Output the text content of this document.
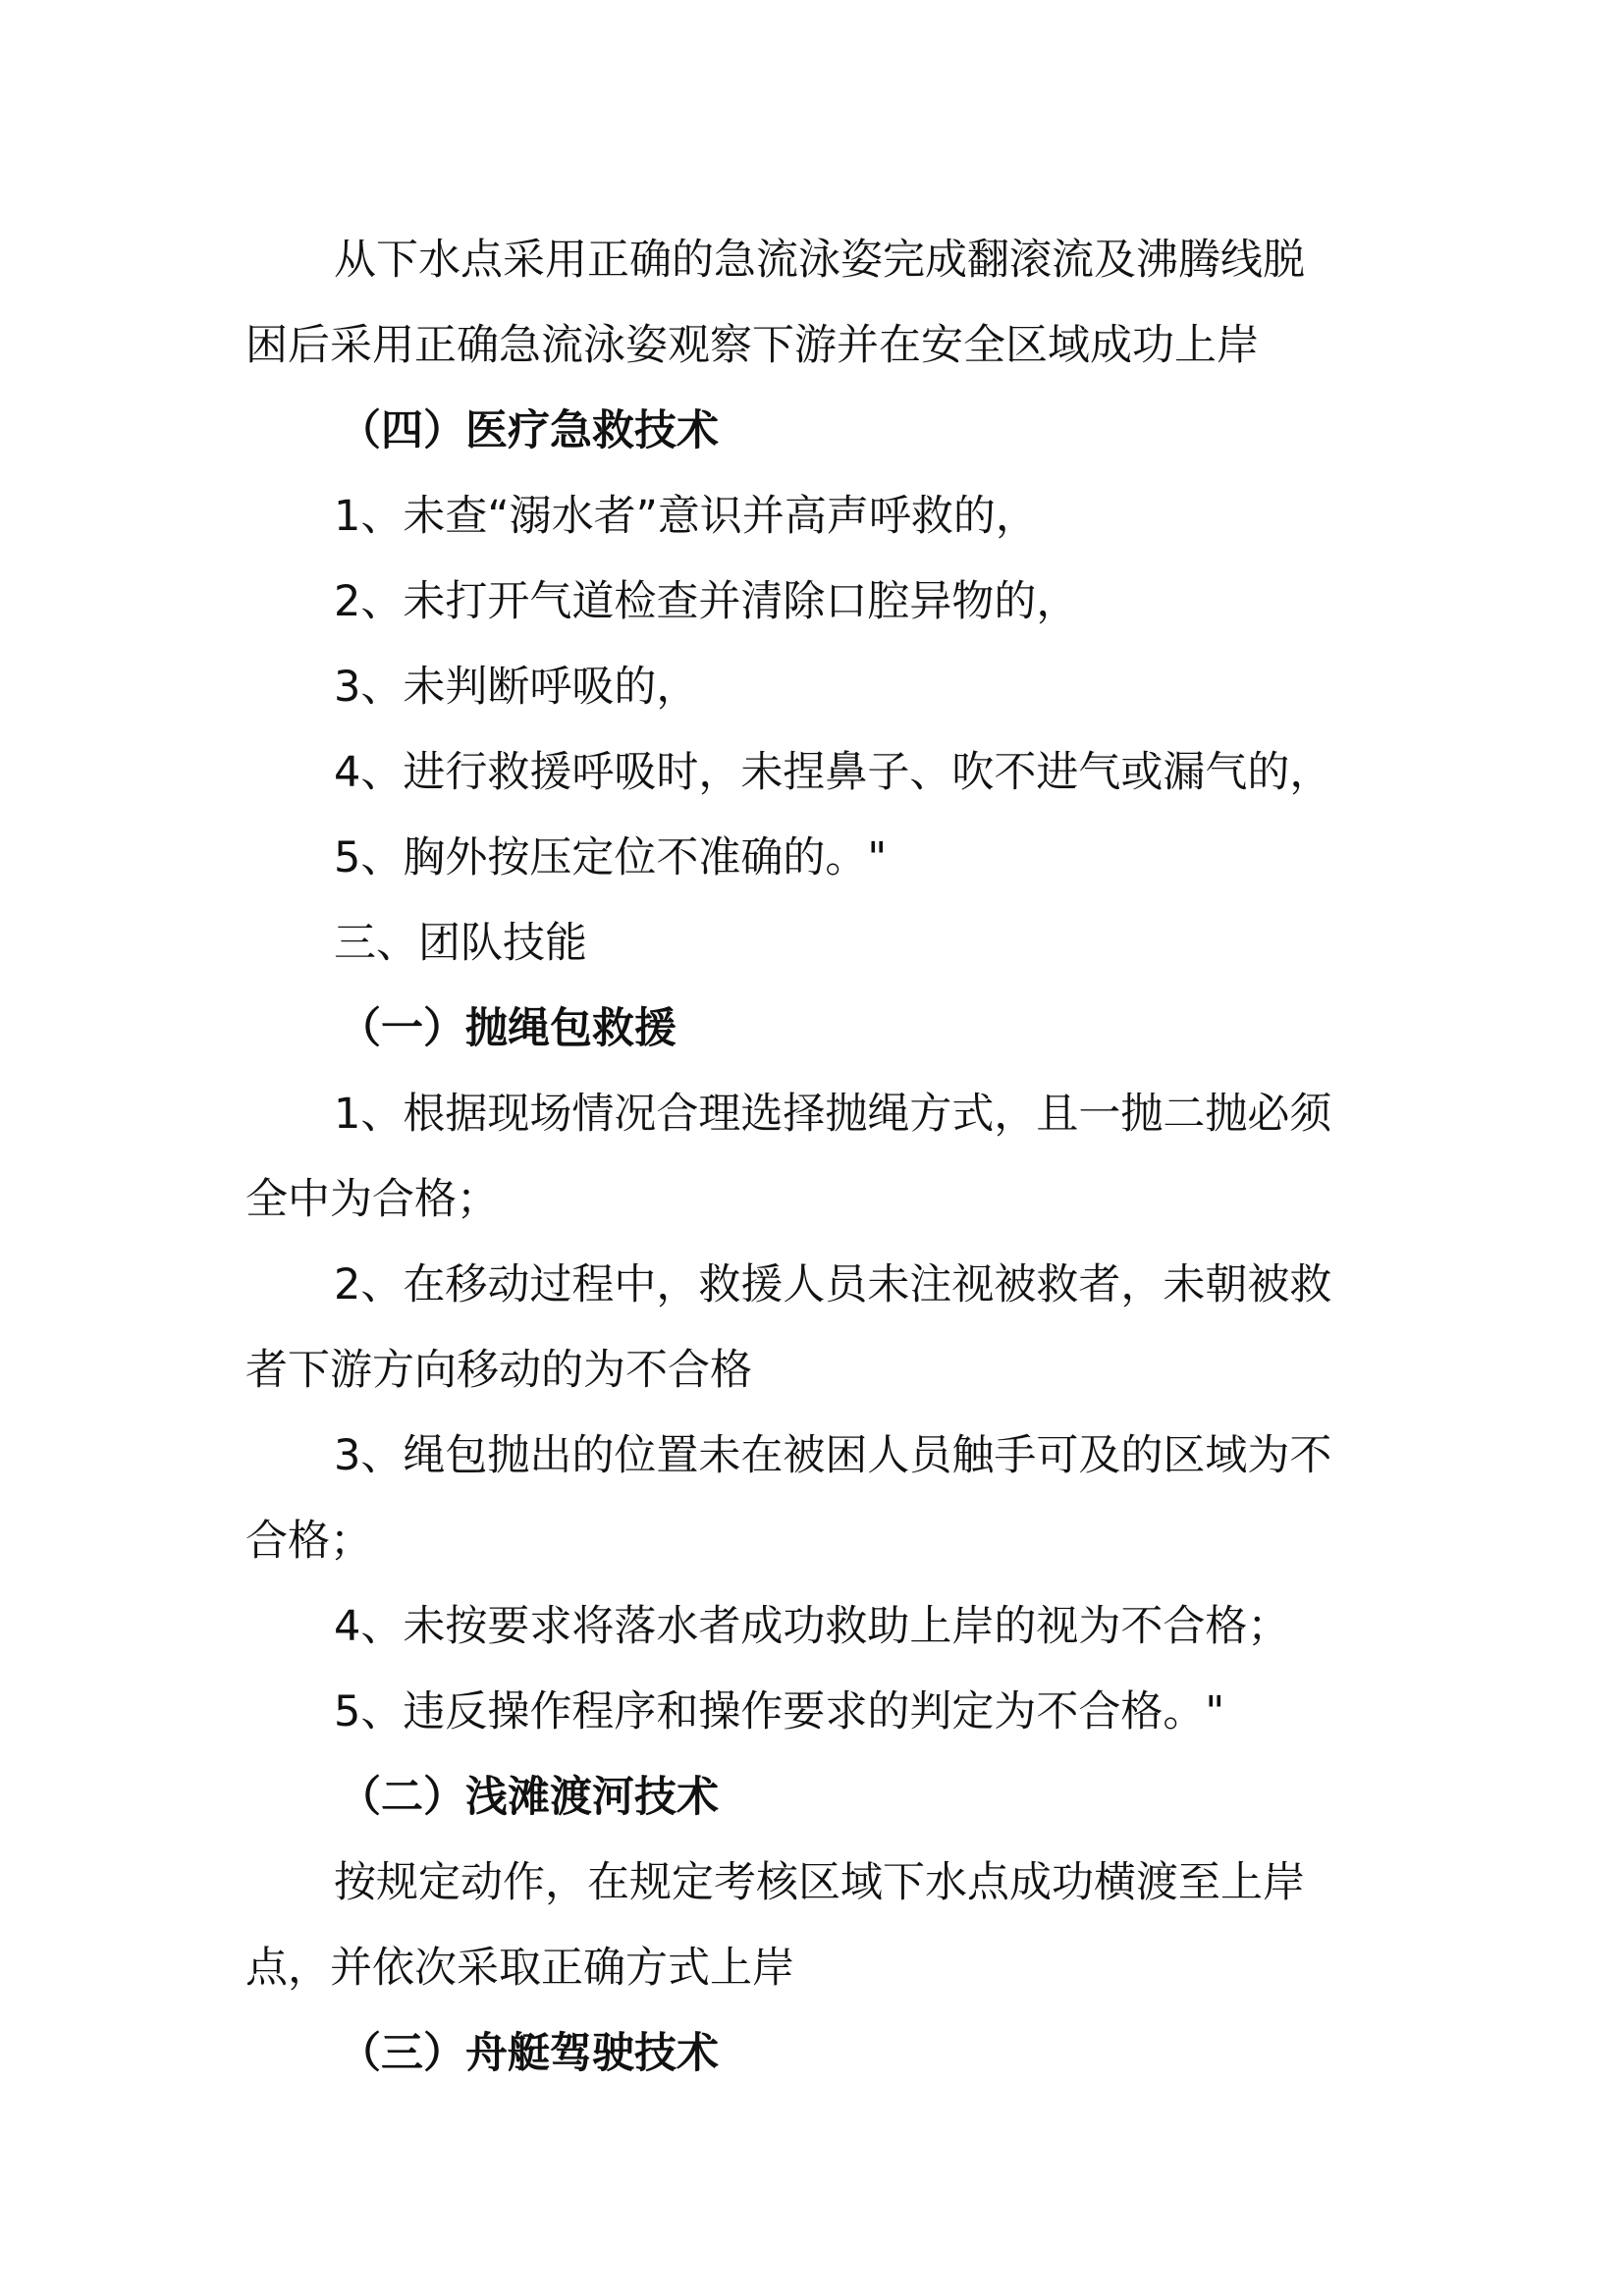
从下水点采用正确的急流泳姿完成翻滚流及沸腾线脱

困后采用正确急流泳姿观察下游并在安全区域成功上岸

（四）医疗急救技术

1、未查“溺水者”意识并高声呼救的，

2、未打开气道检查并清除口腔异物的，

3、未判断呼吸的，

4、进行救援呼吸时，未捏鼻子、吹不进气或漏气的，

5、胸外按压定位不准确的。"

三、团队技能

（一）抛绳包救援

1、根据现场情况合理选择抛绳方式，且一抛二抛必须

全中为合格；

2、在移动过程中，救援人员未注视被救者，未朝被救

者下游方向移动的为不合格

3、绳包抛出的位置未在被困人员触手可及的区域为不

合格；

4、未按要求将落水者成功救助上岸的视为不合格；

5、违反操作程序和操作要求的判定为不合格。"

（二）浅滩渡河技术

按规定动作，在规定考核区域下水点成功横渡至上岸

点，并依次采取正确方式上岸

（三）舟艇驾驶技术
